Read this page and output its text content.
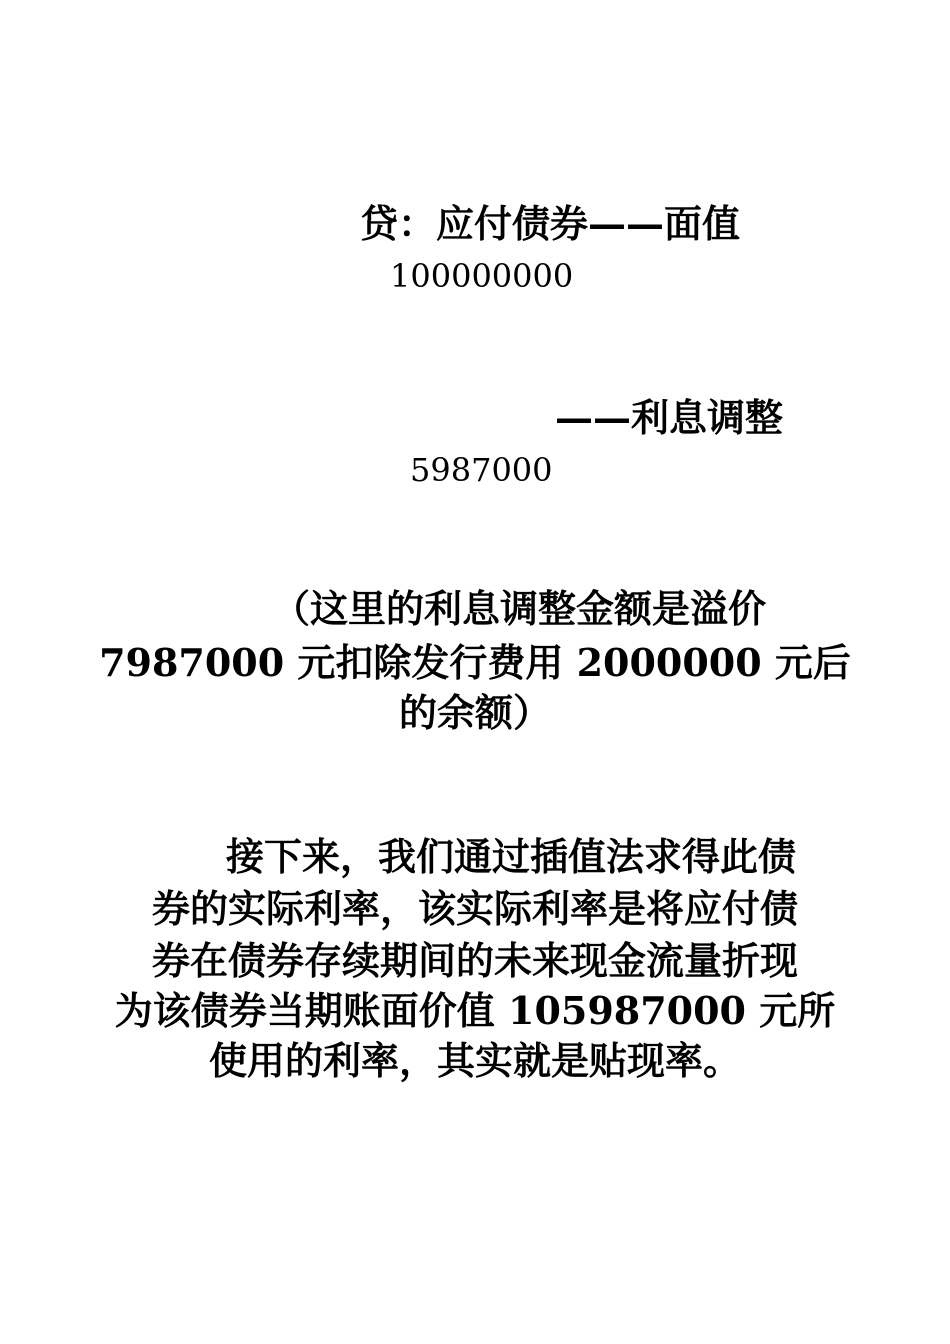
贷：应付债券——面值
100000000
——利息调整
5987000
（这里的利息调整金额是溢价
7987000 元扣除发行费用 2000000 元后
的余额）
接下来，我们通过插值法求得此债
券的实际利率，该实际利率是将应付债
券在债券存续期间的未来现金流量折现
为该债券当期账面价值 105987000 元所
使用的利率，其实就是贴现率。
